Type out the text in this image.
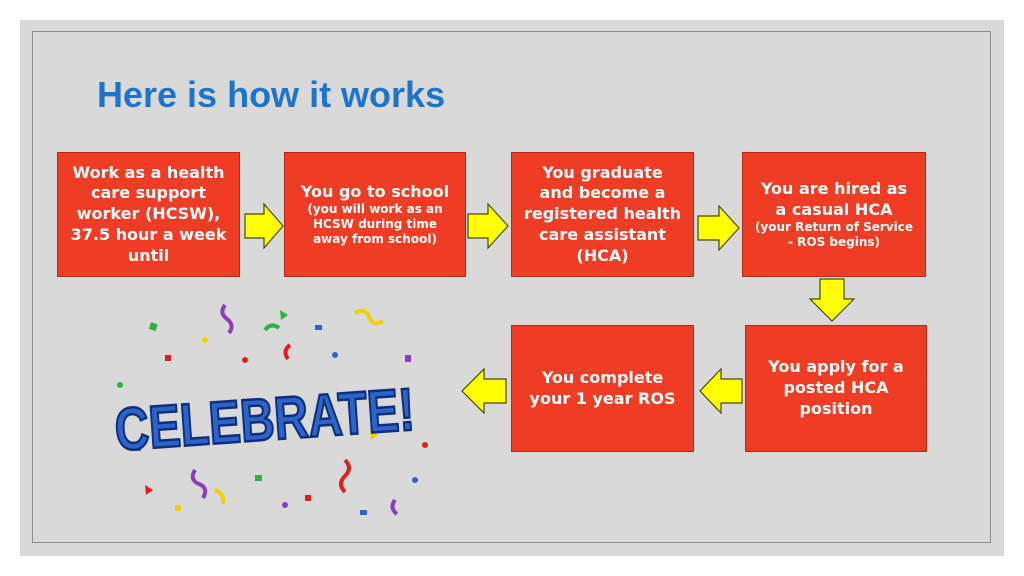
Here is how it works
Work as a health
care support
worker (HCSW),
37.5 hour a week
until
You go to school
(you will work as an
HCSW during time
away from school)
You graduate
and become a
registered health
care assistant
(HCA)
You are hired as
a casual HCA
(your Return of Service
- ROS begins)
You apply for a
posted HCA
position
You complete
your 1 year ROS
CELEBRATE!
